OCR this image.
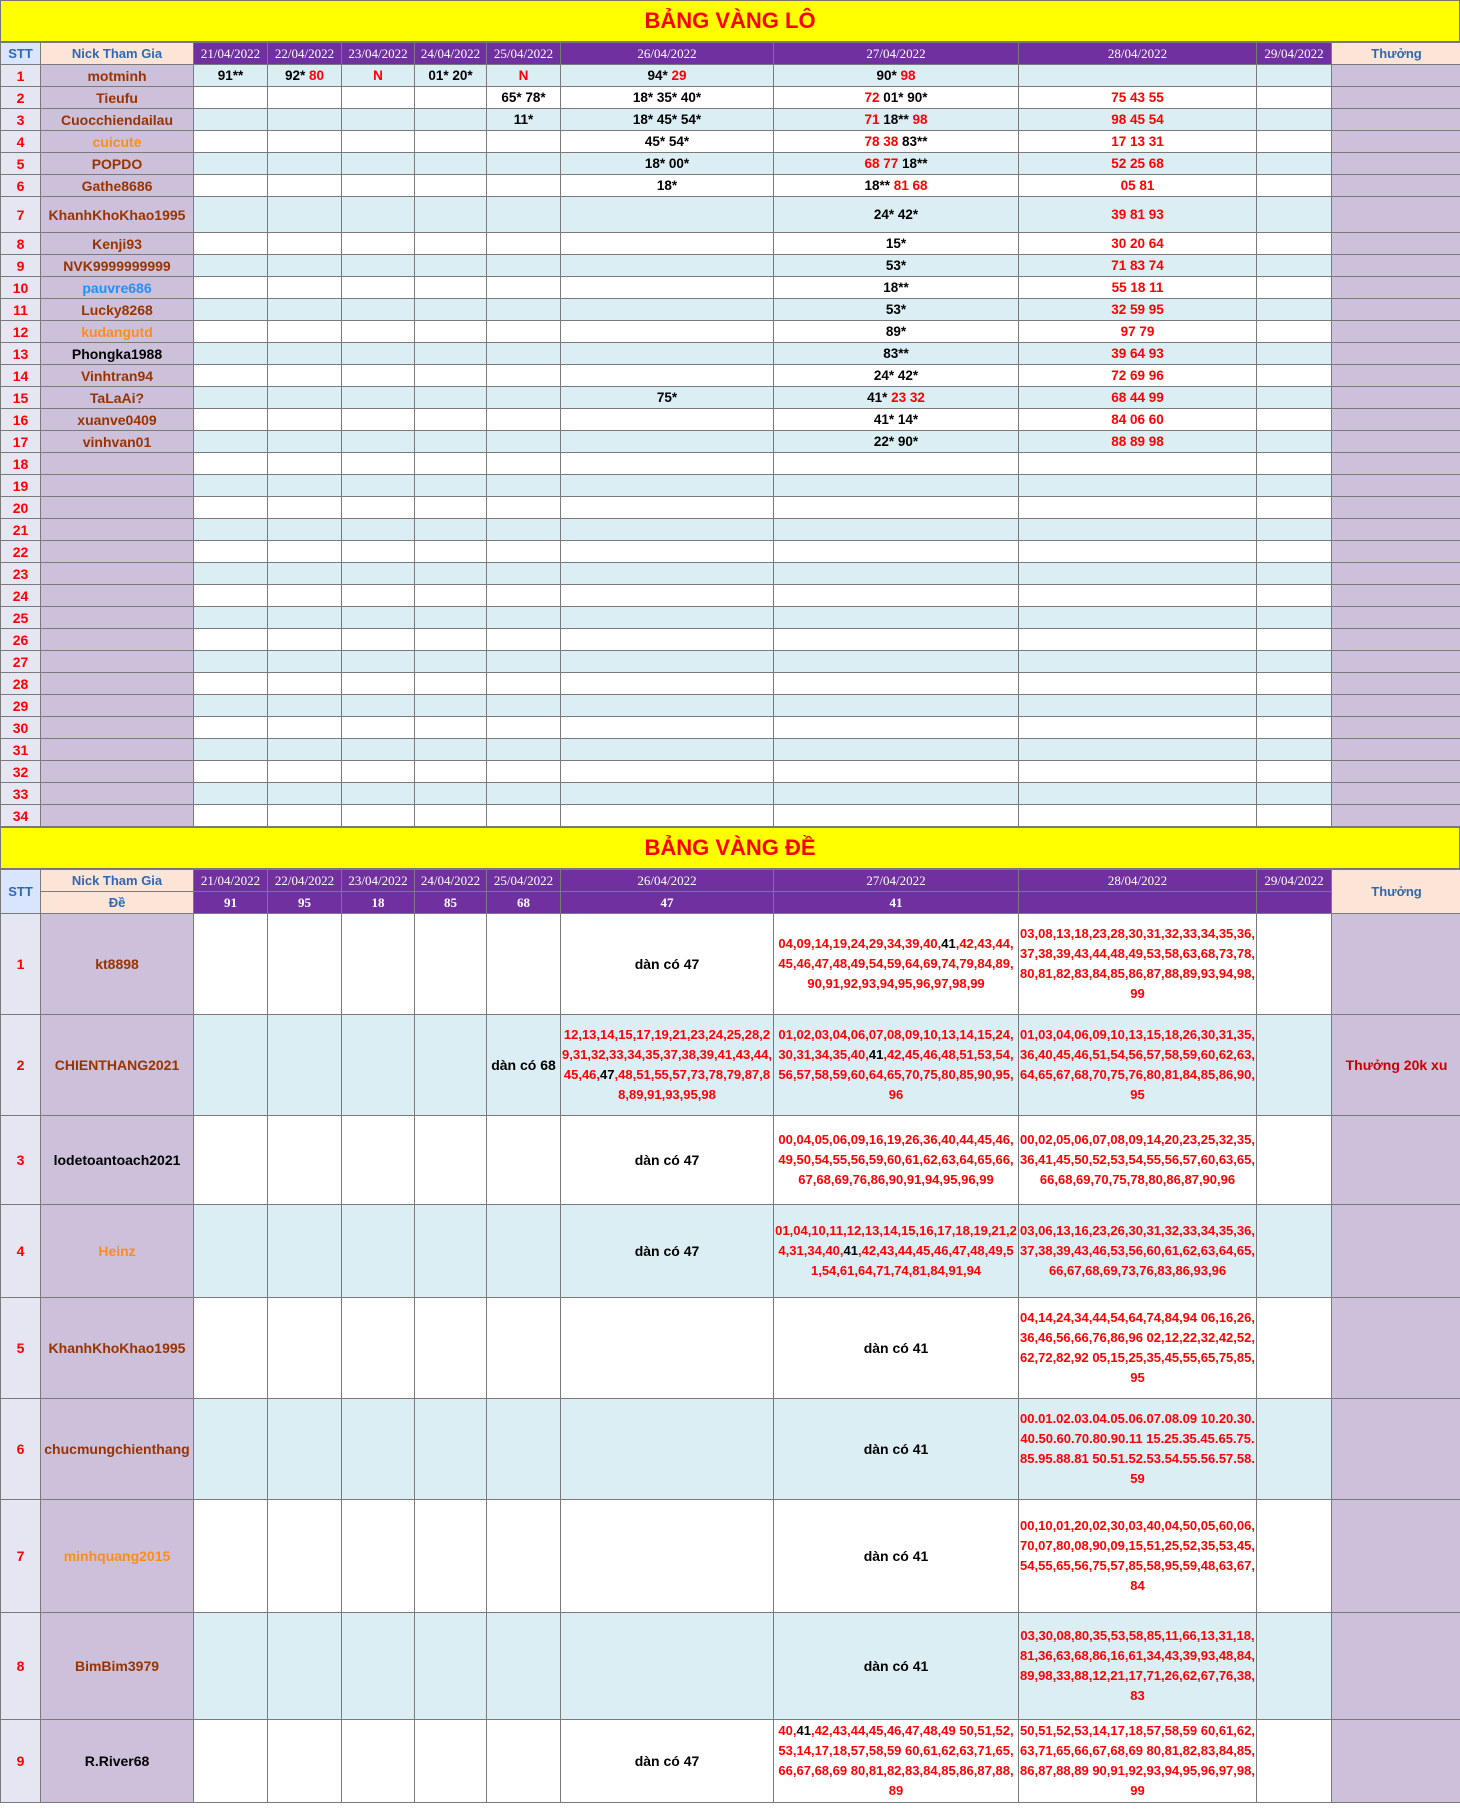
BẢNG VÀNG LÔ
STT	Nick Tham Gia	21/04/2022	22/04/2022	23/04/2022	24/04/2022	25/04/2022	26/04/2022	27/04/2022	28/04/2022	29/04/2022	Thưởng
1	motminh	91**	92* 80	N	01* 20*	N	94* 29	90* 98			
2	Tieufu					65* 78*	18* 35* 40*	72 01* 90*	75 43 55		
3	Cuocchiendailau					11*	18* 45* 54*	71 18** 98	98 45 54		
4	cuicute						45* 54*	78 38 83**	17 13 31		
5	POPDO						18* 00*	68 77 18**	52 25 68		
6	Gathe8686						18*	18** 81 68	05 81		
7	KhanhKhoKhao1995							24* 42*	39 81 93		
8	Kenji93							15*	30 20 64		
9	NVK9999999999							53*	71 83 74		
10	pauvre686							18**	55 18 11		
11	Lucky8268							53*	32 59 95		
12	kudangutd							89*	97 79		
13	Phongka1988							83**	39 64 93		
14	Vinhtran94							24* 42*	72 69 96		
15	TaLaAi?						75*	41* 23 32	68 44 99		
16	xuanve0409							41* 14*	84 06 60		
17	vinhvan01							22* 90*	88 89 98		
18											
19											
20											
21											
22											
23											
24											
25											
26											
27											
28											
29											
30											
31											
32											
33											
34											
BẢNG VÀNG ĐỀ
STT	Nick Tham Gia	21/04/2022	22/04/2022	23/04/2022	24/04/2022	25/04/2022	26/04/2022	27/04/2022	28/04/2022	29/04/2022	Thưởng
	Đề	91	95	18	85	68	47	41			
1	kt8898						dàn có 47	04,09,14,19,24,29,34,39,40,41,42,43,44,45,46,47,48,49,54,59,64,69,74,79,84,89,90,91,92,93,94,95,96,97,98,99	03,08,13,18,23,28,30,31,32,33,34,35,36,37,38,39,43,44,48,49,53,58,63,68,73,78,80,81,82,83,84,85,86,87,88,89,93,94,98,99		
2	CHIENTHANG2021					dàn có 68	12,13,14,15,17,19,21,23,24,25,28,29,31,32,33,34,35,37,38,39,41,43,44,45,46,47,48,51,55,57,73,78,79,87,88,89,91,93,95,98	01,02,03,04,06,07,08,09,10,13,14,15,24,30,31,34,35,40,41,42,45,46,48,51,53,54,56,57,58,59,60,64,65,70,75,80,85,90,95,96	01,03,04,06,09,10,13,15,18,26,30,31,35,36,40,45,46,51,54,56,57,58,59,60,62,63,64,65,67,68,70,75,76,80,81,84,85,86,90,95		Thưởng 20k xu
3	lodetoantoach2021						dàn có 47	00,04,05,06,09,16,19,26,36,40,44,45,46,49,50,54,55,56,59,60,61,62,63,64,65,66,67,68,69,76,86,90,91,94,95,96,99	00,02,05,06,07,08,09,14,20,23,25,32,35,36,41,45,50,52,53,54,55,56,57,60,63,65,66,68,69,70,75,78,80,86,87,90,96		
4	Heinz						dàn có 47	01,04,10,11,12,13,14,15,16,17,18,19,21,24,31,34,40,41,42,43,44,45,46,47,48,49,51,54,61,64,71,74,81,84,91,94	03,06,13,16,23,26,30,31,32,33,34,35,36,37,38,39,43,46,53,56,60,61,62,63,64,65,66,67,68,69,73,76,83,86,93,96		
5	KhanhKhoKhao1995							dàn có 41	04,14,24,34,44,54,64,74,84,94 06,16,26,36,46,56,66,76,86,96 02,12,22,32,42,52,62,72,82,92 05,15,25,35,45,55,65,75,85,95		
6	chucmungchienthang							dàn có 41	00.01.02.03.04.05.06.07.08.09 10.20.30.40.50.60.70.80.90.11 15.25.35.45.65.75.85.95.88.81 50.51.52.53.54.55.56.57.58.59		
7	minhquang2015							dàn có 41	00,10,01,20,02,30,03,40,04,50,05,60,06,70,07,80,08,90,09,15,51,25,52,35,53,45,54,55,65,56,75,57,85,58,95,59,48,63,67,84		
8	BimBim3979							dàn có 41	03,30,08,80,35,53,58,85,11,66,13,31,18,81,36,63,68,86,16,61,34,43,39,93,48,84,89,98,33,88,12,21,17,71,26,62,67,76,38,83		
9	R.River68						dàn có 47	40,41,42,43,44,45,46,47,48,49 50,51,52,53,14,17,18,57,58,59 60,61,62,63,71,65,66,67,68,69 80,81,82,83,84,85,86,87,88,89	50,51,52,53,14,17,18,57,58,59 60,61,62,63,71,65,66,67,68,69 80,81,82,83,84,85,86,87,88,89 90,91,92,93,94,95,96,97,98,99		
